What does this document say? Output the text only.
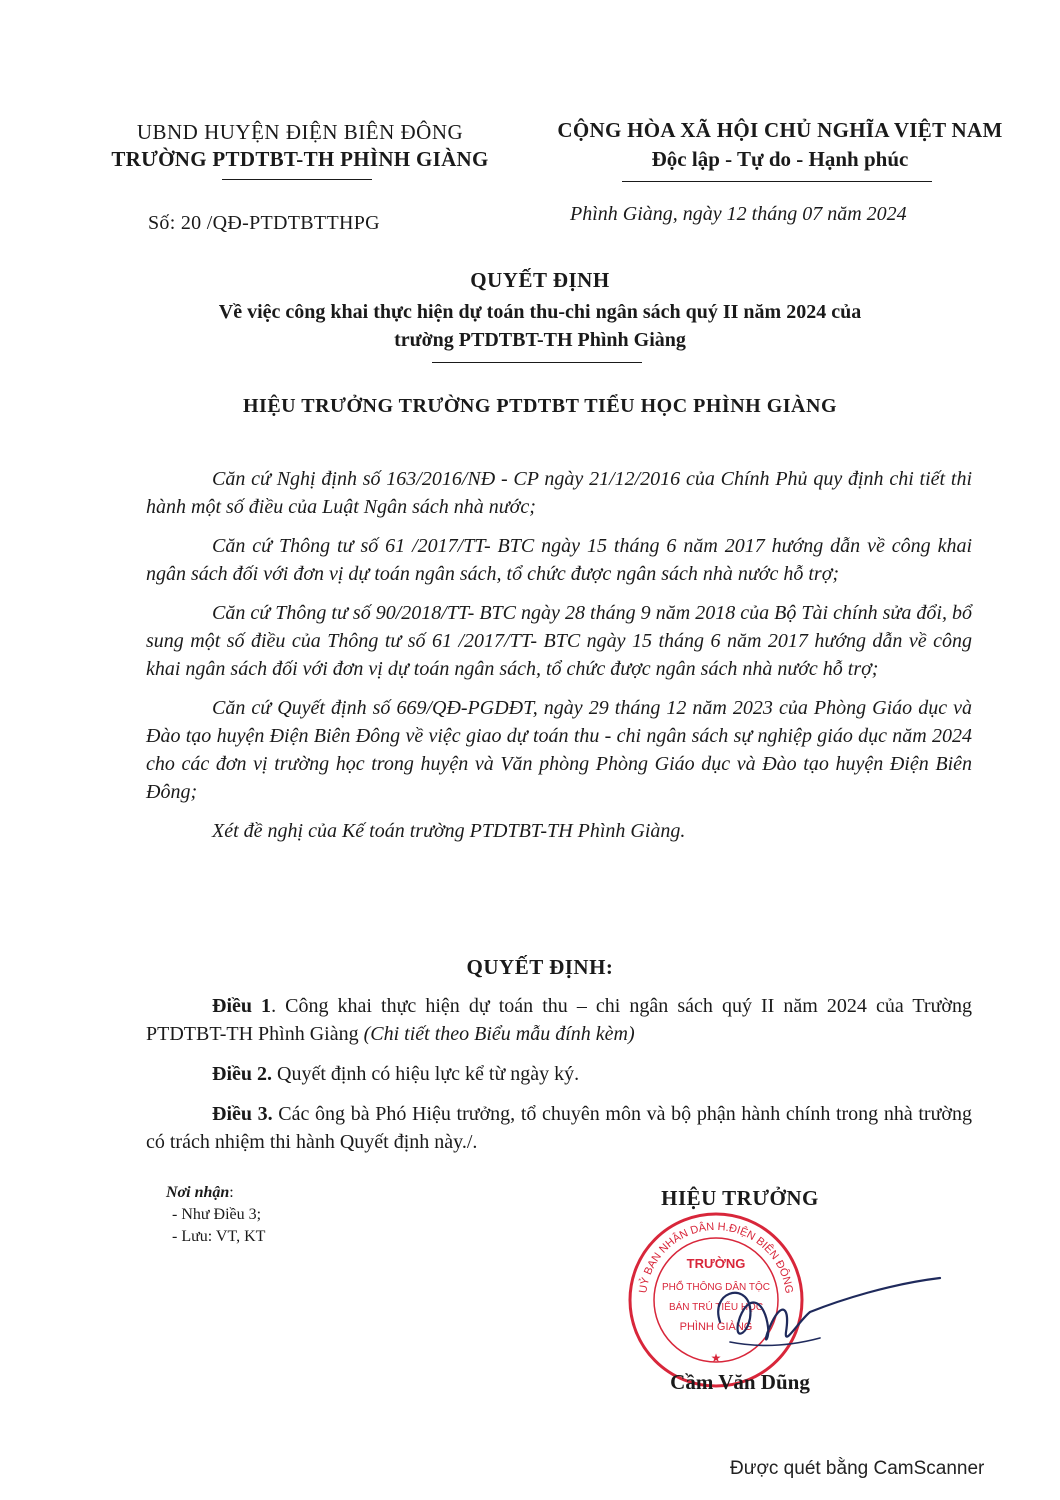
UBND HUYỆN ĐIỆN BIÊN ĐÔNG
TRƯỜNG PTDTBT-TH PHÌNH GIÀNG
CỘNG HÒA XÃ HỘI CHỦ NGHĨA VIỆT NAM
Độc lập - Tự do - Hạnh phúc
Số: 20 /QĐ-PTDTBTTHPG	Phình Giàng, ngày 12 tháng 07 năm 2024
QUYẾT ĐỊNH
Về việc công khai thực hiện dự toán thu-chi ngân sách quý II năm 2024 của
trường PTDTBT-TH Phình Giàng
HIỆU TRƯỞNG TRƯỜNG PTDTBT TIỂU HỌC PHÌNH GIÀNG

Căn cứ Nghị định số 163/2016/NĐ - CP ngày 21/12/2016 của Chính Phủ quy định chi tiết thi hành một số điều của Luật Ngân sách nhà nước;

Căn cứ Thông tư số 61 /2017/TT- BTC ngày 15 tháng 6 năm 2017 hướng dẫn về công khai ngân sách đối với đơn vị dự toán ngân sách, tổ chức được ngân sách nhà nước hỗ trợ;

Căn cứ Thông tư số 90/2018/TT- BTC ngày 28 tháng 9 năm 2018 của Bộ Tài chính sửa đổi, bổ sung một số điều của Thông tư số 61 /2017/TT- BTC ngày 15 tháng 6 năm 2017 hướng dẫn về công khai ngân sách đối với đơn vị dự toán ngân sách, tổ chức được ngân sách nhà nước hỗ trợ;

Căn cứ Quyết định số 669/QĐ-PGDĐT, ngày 29 tháng 12 năm 2023 của Phòng Giáo dục và Đào tạo huyện Điện Biên Đông về việc giao dự toán thu - chi ngân sách sự nghiệp giáo dục năm 2024 cho các đơn vị trường học trong huyện và Văn phòng Phòng Giáo dục và Đào tạo huyện Điện Biên Đông;

Xét đề nghị của Kế toán trường PTDTBT-TH Phình Giàng.

QUYẾT ĐỊNH:

Điều 1. Công khai thực hiện dự toán thu – chi ngân sách quý II năm 2024 của Trường PTDTBT-TH Phình Giàng (Chi tiết theo Biểu mẫu đính kèm)

Điều 2. Quyết định có hiệu lực kể từ ngày ký.

Điều 3. Các ông bà Phó Hiệu trưởng, tổ chuyên môn và bộ phận hành chính trong nhà trường có trách nhiệm thi hành Quyết định này./.

Nơi nhận:
- Như Điều 3;
- Lưu: VT, KT
HIỆU TRƯỞNG
UỶ BAN NHÂN DÂN H.ĐIỆN BIÊN ĐÔNG
TRƯỜNG
PHỔ THÔNG DÂN TỘC
BÁN TRÚ TIỂU HỌC
PHÌNH GIÀNG
★
Cầm Văn Dũng
Được quét bằng CamScanner
